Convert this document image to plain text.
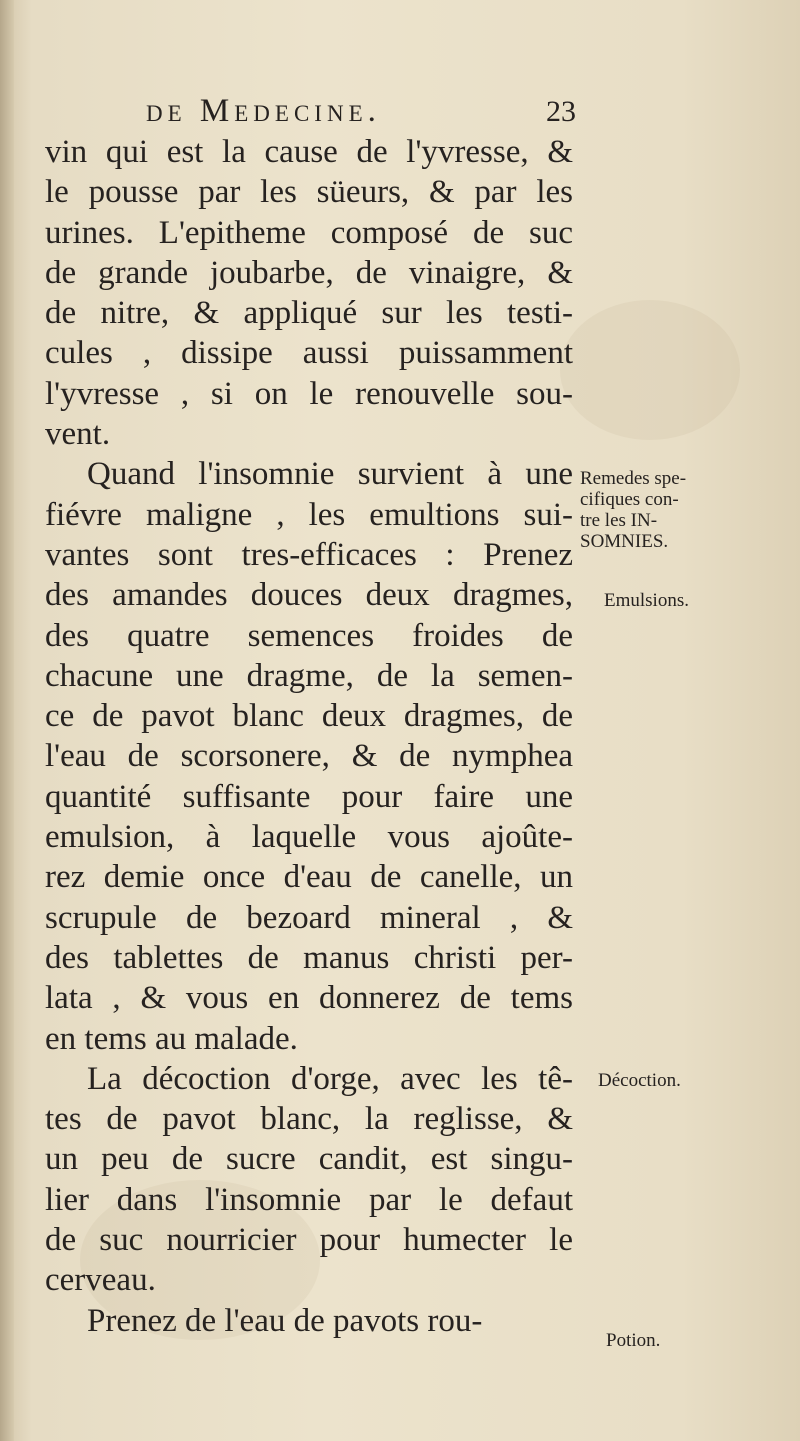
de Medecine.	23
vin qui est la cause de l'yvresse, &
le pousse par les süeurs, & par les
urines. L'epitheme composé de suc
de grande joubarbe, de vinaigre, &
de nitre, & appliqué sur les testi-
cules , dissipe aussi puissamment
l'yvresse , si on le renouvelle sou-
vent.
Quand l'insomnie survient à une
fiévre maligne , les emultions sui-
vantes sont tres-efficaces : Prenez
des amandes douces deux dragmes,
des quatre semences froides de
chacune une dragme, de la semen-
ce de pavot blanc deux dragmes, de
l'eau de scorsonere, & de nymphea
quantité suffisante pour faire une
emulsion, à laquelle vous ajoûte-
rez demie once d'eau de canelle, un
scrupule de bezoard mineral , &
des tablettes de manus christi per-
lata , & vous en donnerez de tems
en tems au malade.
La décoction d'orge, avec les tê-
tes de pavot blanc, la reglisse, &
un peu de sucre candit, est singu-
lier dans l'insomnie par le defaut
de suc nourricier pour humecter le
cerveau.
Prenez de l'eau de pavots rou-
Remedes spe-
cifiques con-
tre les IN-
SOMNIES.
Emulsions.
Décoction.
Potion.
